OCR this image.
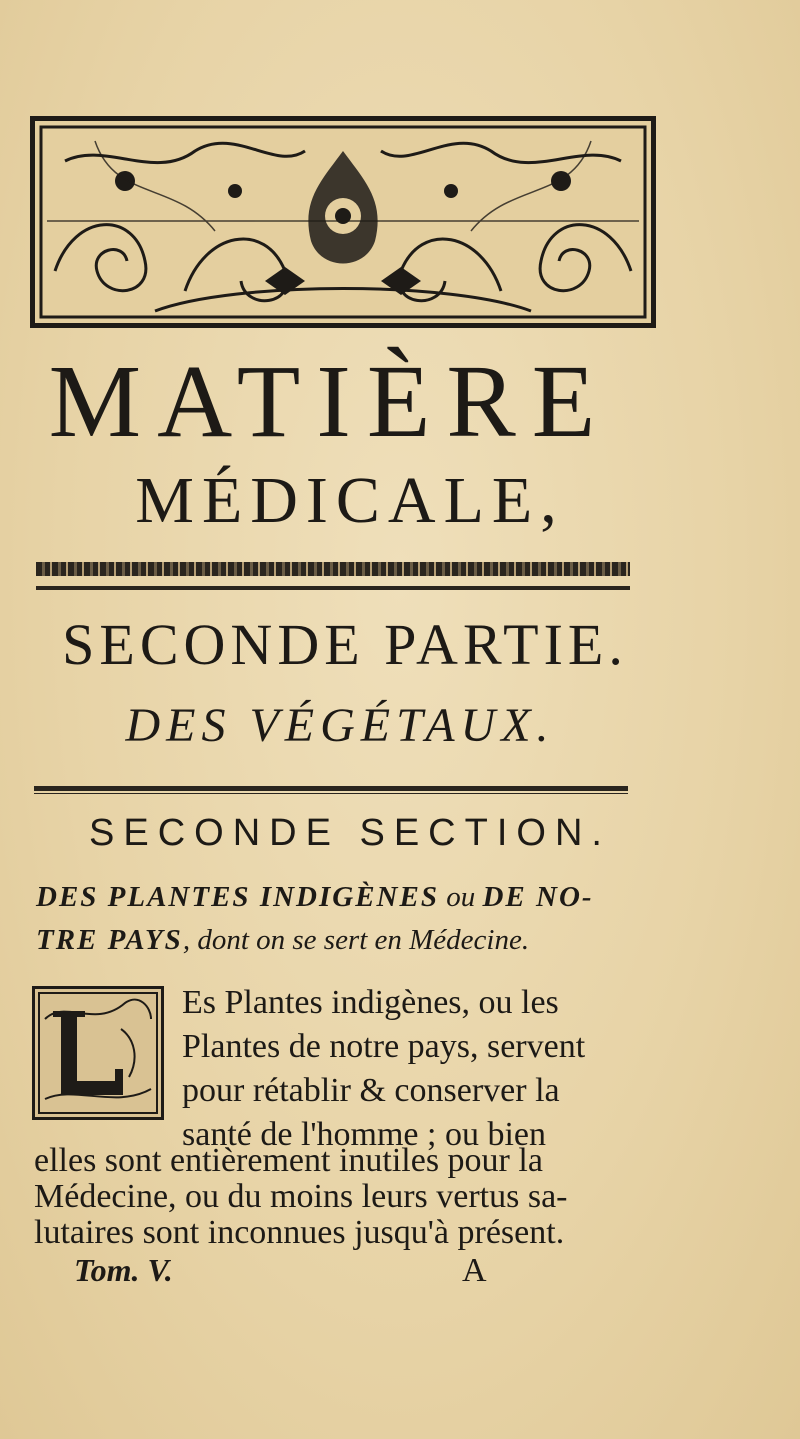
MATIÈRE
MÉDICALE,
SECONDE PARTIE.
DES VÉGÉTAUX.
SECONDE SECTION.
DES PLANTES INDIGÈNES ou DE NO-
TRE PAYS, dont on se sert en Médecine.
L	Es Plantes indigènes, ou les
Plantes de notre pays, servent
pour rétablir & conserver la
santé de l'homme ; ou bien
elles sont entièrement inutiles pour la
Médecine, ou du moins leurs vertus sa-
Tom. V.	A
lutaires sont inconnues jusqu'à présent.
